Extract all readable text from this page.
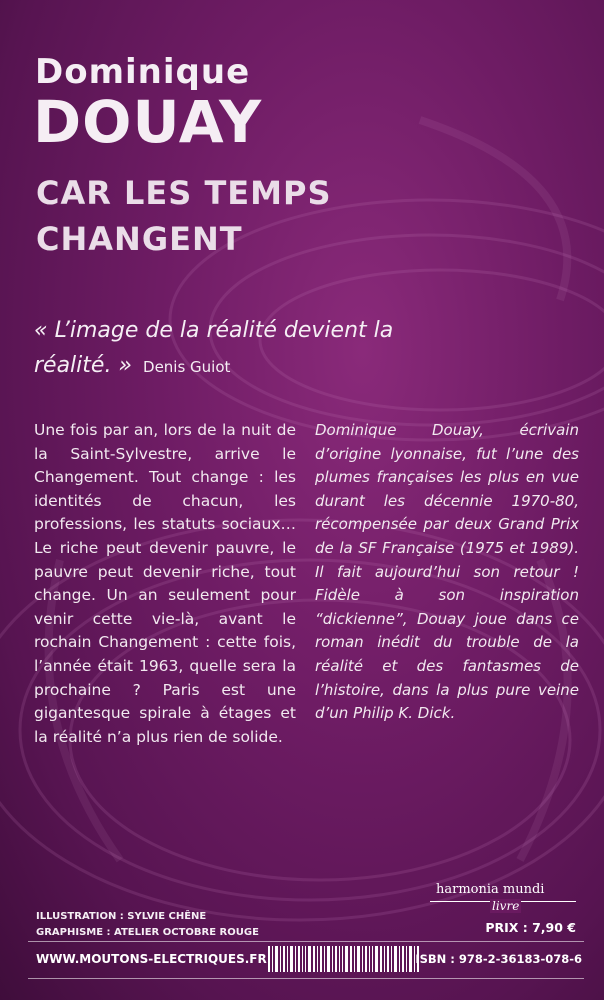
Dominique
DOUAY
CAR LES TEMPS
CHANGENT
« L’image de la réalité devient la réalité. » Denis Guiot

Une fois par an, lors de la nuit de la Saint-Sylvestre, arrive le Changement. Tout change : les identités de chacun, les professions, les statuts sociaux… Le riche peut devenir pauvre, le pauvre peut devenir riche, tout change. Un an seulement pour venir cette vie-là, avant le rochain Changement : cette fois, l’année était 1963, quelle sera la prochaine ? Paris est une gigantesque spirale à étages et la réalité n’a plus rien de solide.

Dominique Douay, écrivain d’origine lyonnaise, fut l’une des plumes françaises les plus en vue durant les décennie 1970-80, récompensée par deux Grand Prix de la SF Française (1975 et 1989). Il fait aujourd’hui son retour ! Fidèle à son inspiration “dickienne”, Douay joue dans ce roman inédit du trouble de la réalité et des fantasmes de l’histoire, dans la plus pure veine d’un Philip K. Dick.

harmonia mundi
livre
ILLUSTRATION : SYLVIE CHÊNE
GRAPHISME : ATELIER OCTOBRE ROUGE	PRIX : 7,90 €
WWW.MOUTONS-ELECTRIQUES.FR	ISBN : 978-2-36183-078-6
